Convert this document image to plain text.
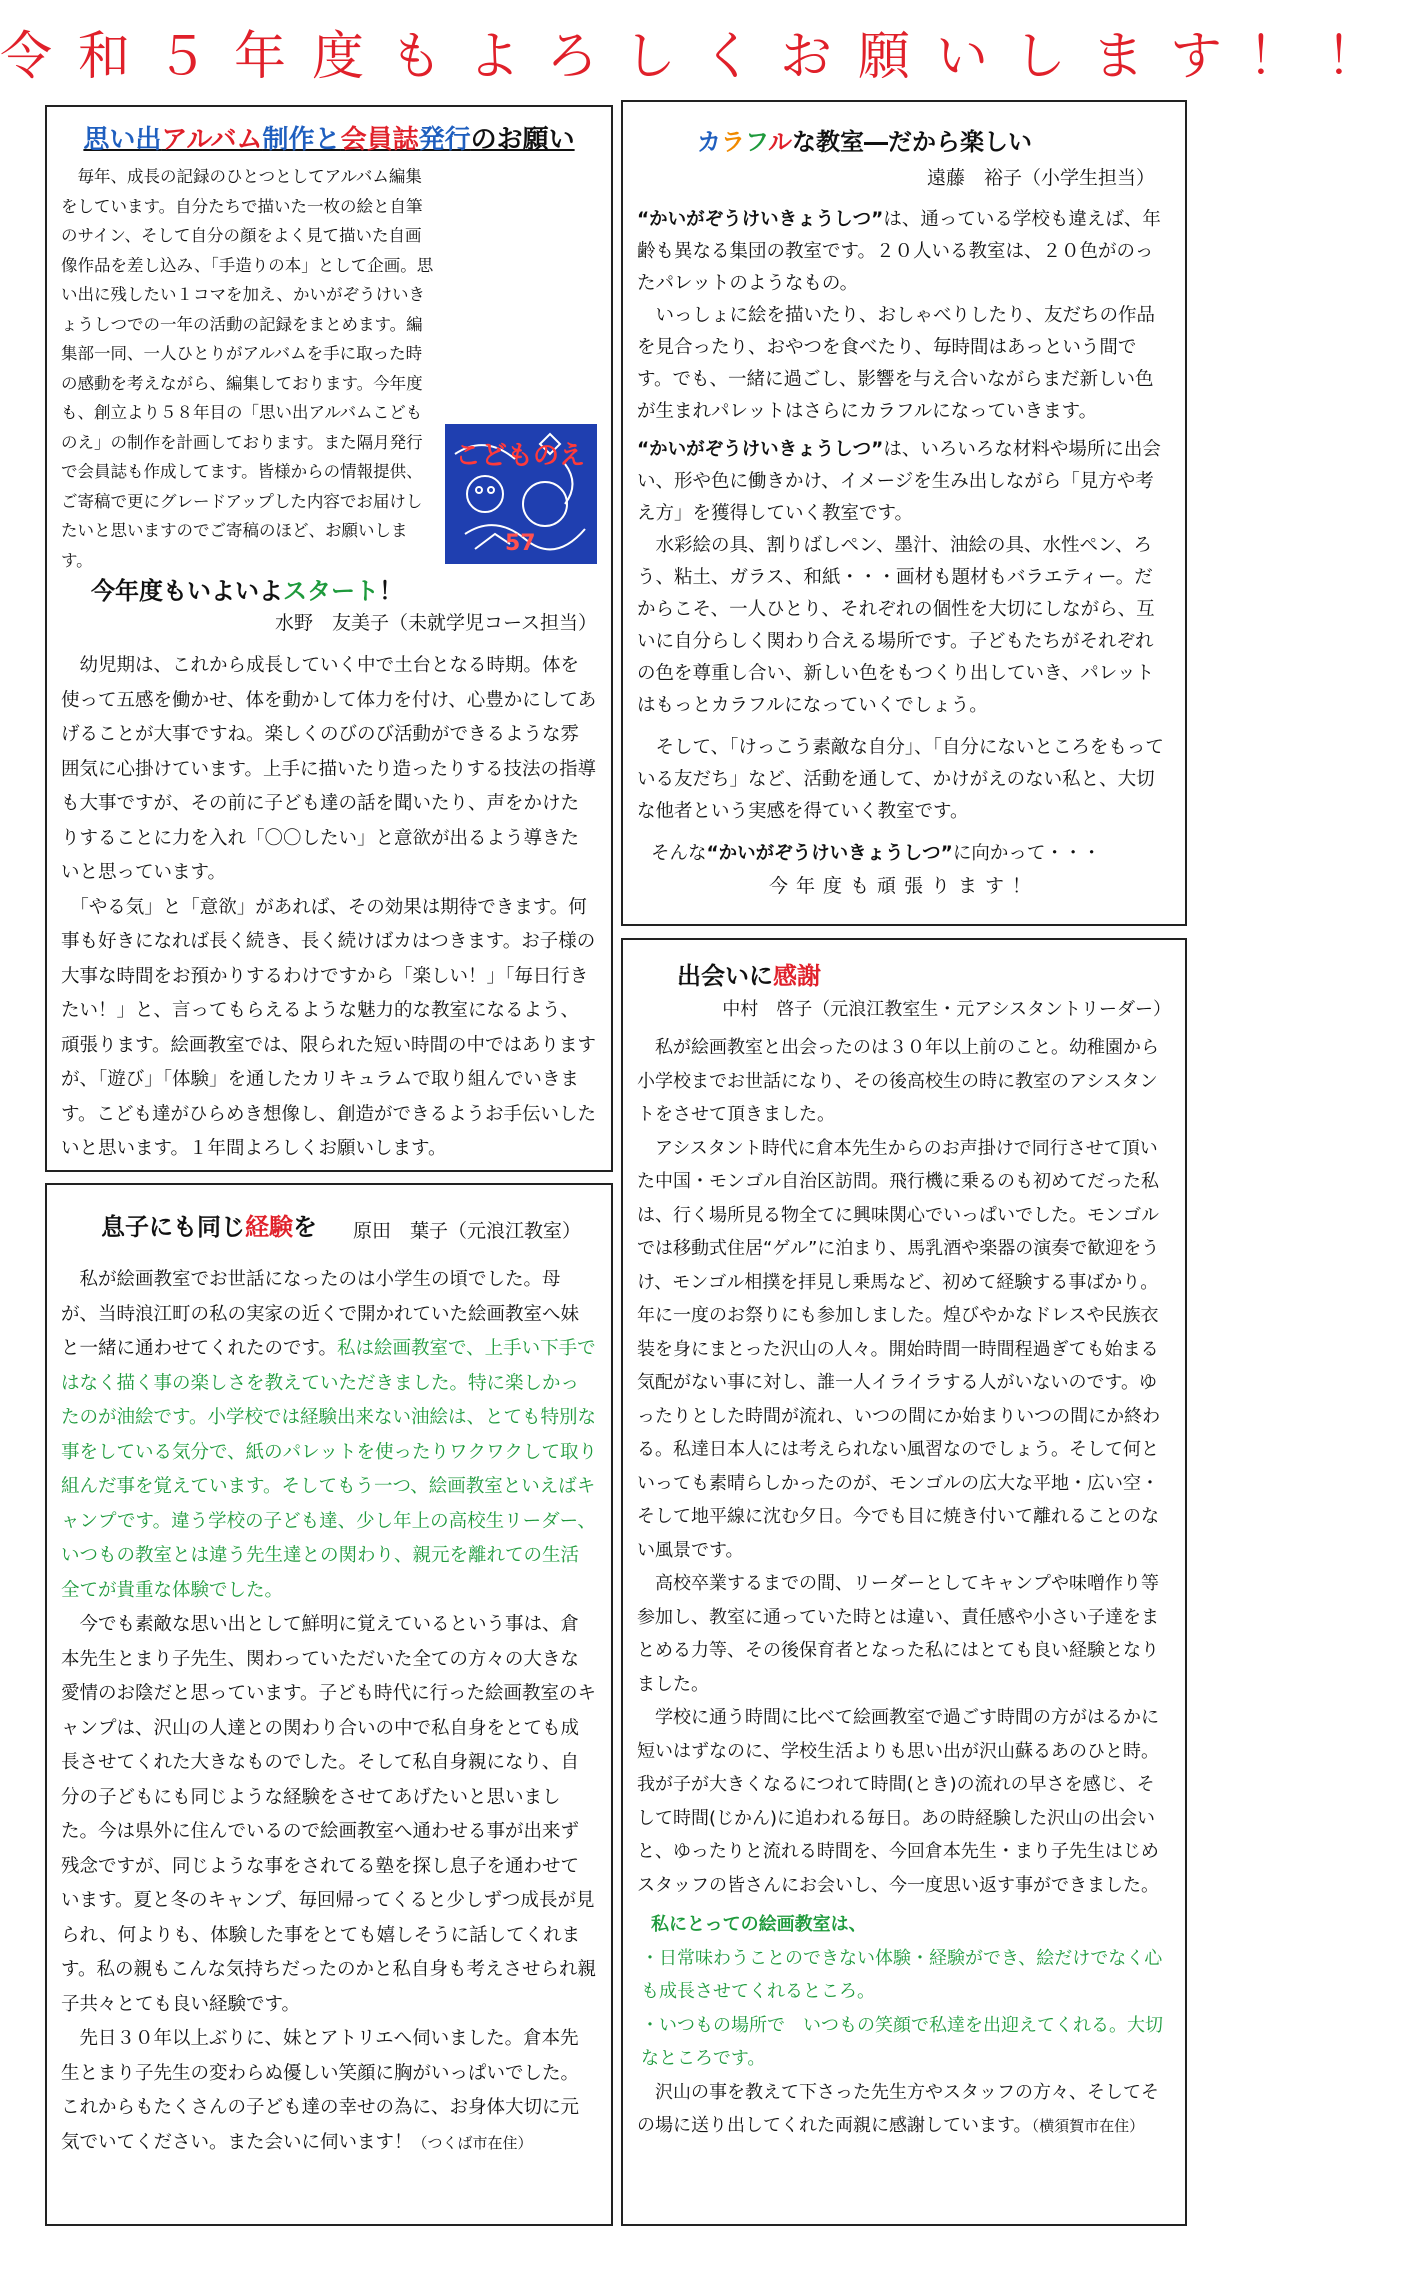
令和５年度もよろしくお願いします！！
思い出アルバム制作と会員誌発行のお願い
こどものえ
57

　毎年、成長の記録のひとつとしてアルバム編集をしています。自分たちで描いた一枚の絵と自筆のサイン、そして自分の顔をよく見て描いた自画像作品を差し込み、「手造りの本」として企画。思い出に残したい１コマを加え、かいがぞうけいきょうしつでの一年の活動の記録をまとめます。編集部一同、一人ひとりがアルバムを手に取った時の感動を考えながら、編集しております。今年度も、創立より５８年目の「思い出アルバムこどものえ」の制作を計画しております。また隔月発行で会員誌も作成してます。皆様からの情報提供、ご寄稿で更にグレードアップした内容でお届けしたいと思いますのでご寄稿のほど、お願いします。

今年度もいよいよスタート！

水野　友美子（未就学児コース担当）

　幼児期は、これから成長していく中で土台となる時期。体を使って五感を働かせ、体を動かして体力を付け、心豊かにしてあげることが大事ですね。楽しくのびのび活動ができるような雰囲気に心掛けています。上手に描いたり造ったりする技法の指導も大事ですが、その前に子ども達の話を聞いたり、声をかけたりすることに力を入れ「〇〇したい」と意欲が出るよう導きたいと思っています。

　「やる気」と「意欲」があれば、その効果は期待できます。何事も好きになれば長く続き、長く続けばカはつきます。お子様の大事な時間をお預かりするわけですから「楽しい！」「毎日行きたい！」と、言ってもらえるような魅力的な教室になるよう、頑張ります。絵画教室では、限られた短い時間の中ではありますが、「遊び」「体験」を通したカリキュラムで取り組んでいきます。こども達がひらめき想像し、創造ができるようお手伝いしたいと思います。１年間よろしくお願いします。

息子にも同じ経験を	原田　葉子（元浪江教室）

　私が絵画教室でお世話になったのは小学生の頃でした。母が、当時浪江町の私の実家の近くで開かれていた絵画教室へ妹と一緒に通わせてくれたのです。私は絵画教室で、上手い下手ではなく描く事の楽しさを教えていただきました。特に楽しかったのが油絵です。小学校では経験出来ない油絵は、とても特別な事をしている気分で、紙のパレットを使ったりワクワクして取り組んだ事を覚えています。そしてもう一つ、絵画教室といえばキャンプです。違う学校の子ども達、少し年上の高校生リーダー、いつもの教室とは違う先生達との関わり、親元を離れての生活全てが貴重な体験でした。

　今でも素敵な思い出として鮮明に覚えているという事は、倉本先生とまり子先生、関わっていただいた全ての方々の大きな愛情のお陰だと思っています。子ども時代に行った絵画教室のキャンプは、沢山の人達との関わり合いの中で私自身をとても成長させてくれた大きなものでした。そして私自身親になり、自分の子どもにも同じような経験をさせてあげたいと思いました。今は県外に住んでいるので絵画教室へ通わせる事が出来ず残念ですが、同じような事をされてる塾を探し息子を通わせています。夏と冬のキャンプ、毎回帰ってくると少しずつ成長が見られ、何よりも、体験した事をとても嬉しそうに話してくれます。私の親もこんな気持ちだったのかと私自身も考えさせられ親子共々とても良い経験です。

　先日３０年以上ぶりに、妹とアトリエへ伺いました。倉本先生とまり子先生の変わらぬ優しい笑顔に胸がいっぱいでした。これからもたくさんの子ども達の幸せの為に、お身体大切に元気でいてください。また会いに伺います！（つくば市在住）

カラフルな教室―だから楽しい

遠藤　裕子（小学生担当）

“かいがぞうけいきょうしつ”は、通っている学校も違えば、年齢も異なる集団の教室です。２０人いる教室は、２０色がのったパレットのようなもの。

　いっしょに絵を描いたり、おしゃべりしたり、友だちの作品を見合ったり、おやつを食べたり、毎時間はあっという間です。でも、一緒に過ごし、影響を与え合いながらまだ新しい色が生まれパレットはさらにカラフルになっていきます。

“かいがぞうけいきょうしつ”は、いろいろな材料や場所に出会い、形や色に働きかけ、イメージを生み出しながら「見方や考え方」を獲得していく教室です。

　水彩絵の具、割りばしペン、墨汁、油絵の具、水性ペン、ろう、粘土、ガラス、和紙・・・画材も題材もバラエティー。だからこそ、一人ひとり、それぞれの個性を大切にしながら、互いに自分らしく関わり合える場所です。子どもたちがそれぞれの色を尊重し合い、新しい色をもつくり出していき、パレットはもっとカラフルになっていくでしょう。

　そして、「けっこう素敵な自分」、「自分にないところをもっている友だち」など、活動を通して、かけがえのない私と、大切な他者という実感を得ていく教室です。

そんな“かいがぞうけいきょうしつ”に向かって・・・

今年度も頑張ります！

出会いに感謝

中村　啓子（元浪江教室生・元アシスタントリーダー）

　私が絵画教室と出会ったのは３０年以上前のこと。幼稚園から小学校までお世話になり、その後高校生の時に教室のアシスタントをさせて頂きました。

　アシスタント時代に倉本先生からのお声掛けで同行させて頂いた中国・モンゴル自治区訪問。飛行機に乗るのも初めてだった私は、行く場所見る物全てに興味関心でいっぱいでした。モンゴルでは移動式住居“ゲル”に泊まり、馬乳酒や楽器の演奏で歓迎をうけ、モンゴル相撲を拝見し乗馬など、初めて経験する事ばかり。年に一度のお祭りにも参加しました。煌びやかなドレスや民族衣装を身にまとった沢山の人々。開始時間一時間程過ぎても始まる気配がない事に対し、誰一人イライラする人がいないのです。ゆったりとした時間が流れ、いつの間にか始まりいつの間にか終わる。私達日本人には考えられない風習なのでしょう。そして何といっても素晴らしかったのが、モンゴルの広大な平地・広い空・そして地平線に沈む夕日。今でも目に焼き付いて離れることのない風景です。

　高校卒業するまでの間、リーダーとしてキャンプや味噌作り等参加し、教室に通っていた時とは違い、責任感や小さい子達をまとめる力等、その後保育者となった私にはとても良い経験となりました。

　学校に通う時間に比べて絵画教室で過ごす時間の方がはるかに短いはずなのに、学校生活よりも思い出が沢山蘇るあのひと時。我が子が大きくなるにつれて時間(とき)の流れの早さを感じ、そして時間(じかん)に追われる毎日。あの時経験した沢山の出会いと、ゆったりと流れる時間を、今回倉本先生・まり子先生はじめスタッフの皆さんにお会いし、今一度思い返す事ができました。

私にとっての絵画教室は、

・日常味わうことのできない体験・経験ができ、絵だけでなく心も成長させてくれるところ。

・いつもの場所で　いつもの笑顔で私達を出迎えてくれる。大切なところです。

　沢山の事を教えて下さった先生方やスタッフの方々、そしてその場に送り出してくれた両親に感謝しています。（横須賀市在住）
